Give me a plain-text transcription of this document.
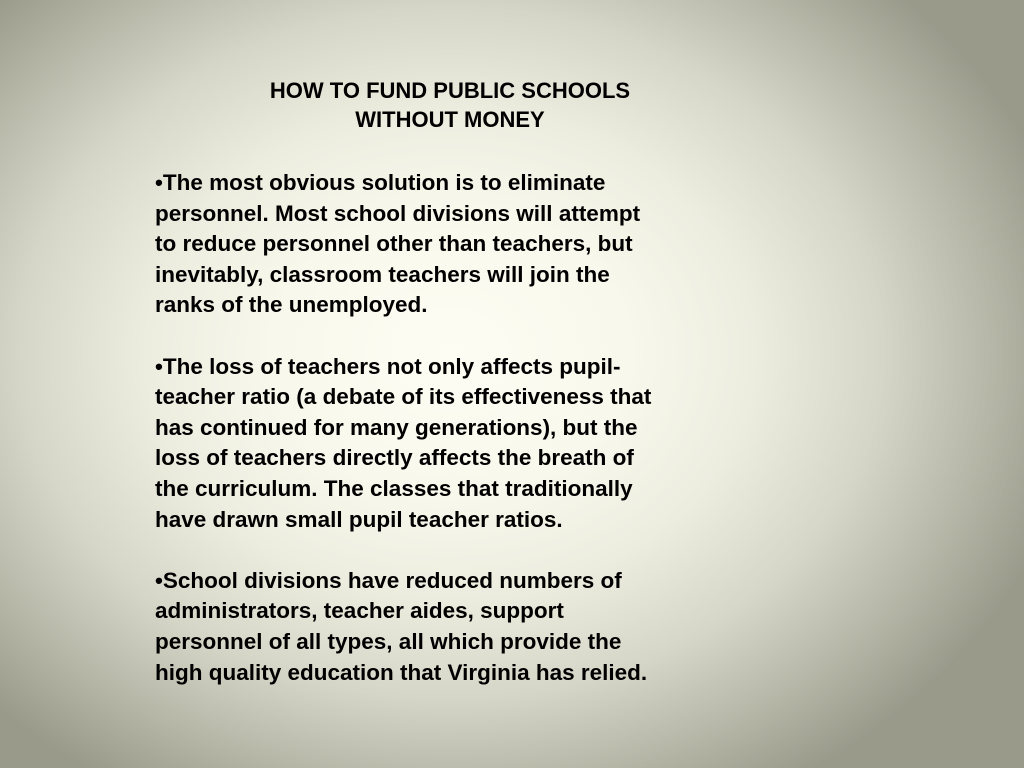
HOW TO FUND PUBLIC SCHOOLS
WITHOUT MONEY

•The most obvious solution is to eliminate
personnel. Most school divisions will attempt
to reduce personnel other than teachers, but
inevitably, classroom teachers will join the
ranks of the unemployed.

•The loss of teachers not only affects pupil-
teacher ratio (a debate of its effectiveness that
has continued for many generations), but the
loss of teachers directly affects the breath of
the curriculum. The classes that traditionally
have drawn small pupil teacher ratios.

•School divisions have reduced numbers of
administrators, teacher aides, support
personnel of all types, all which provide the
high quality education that Virginia has relied.
